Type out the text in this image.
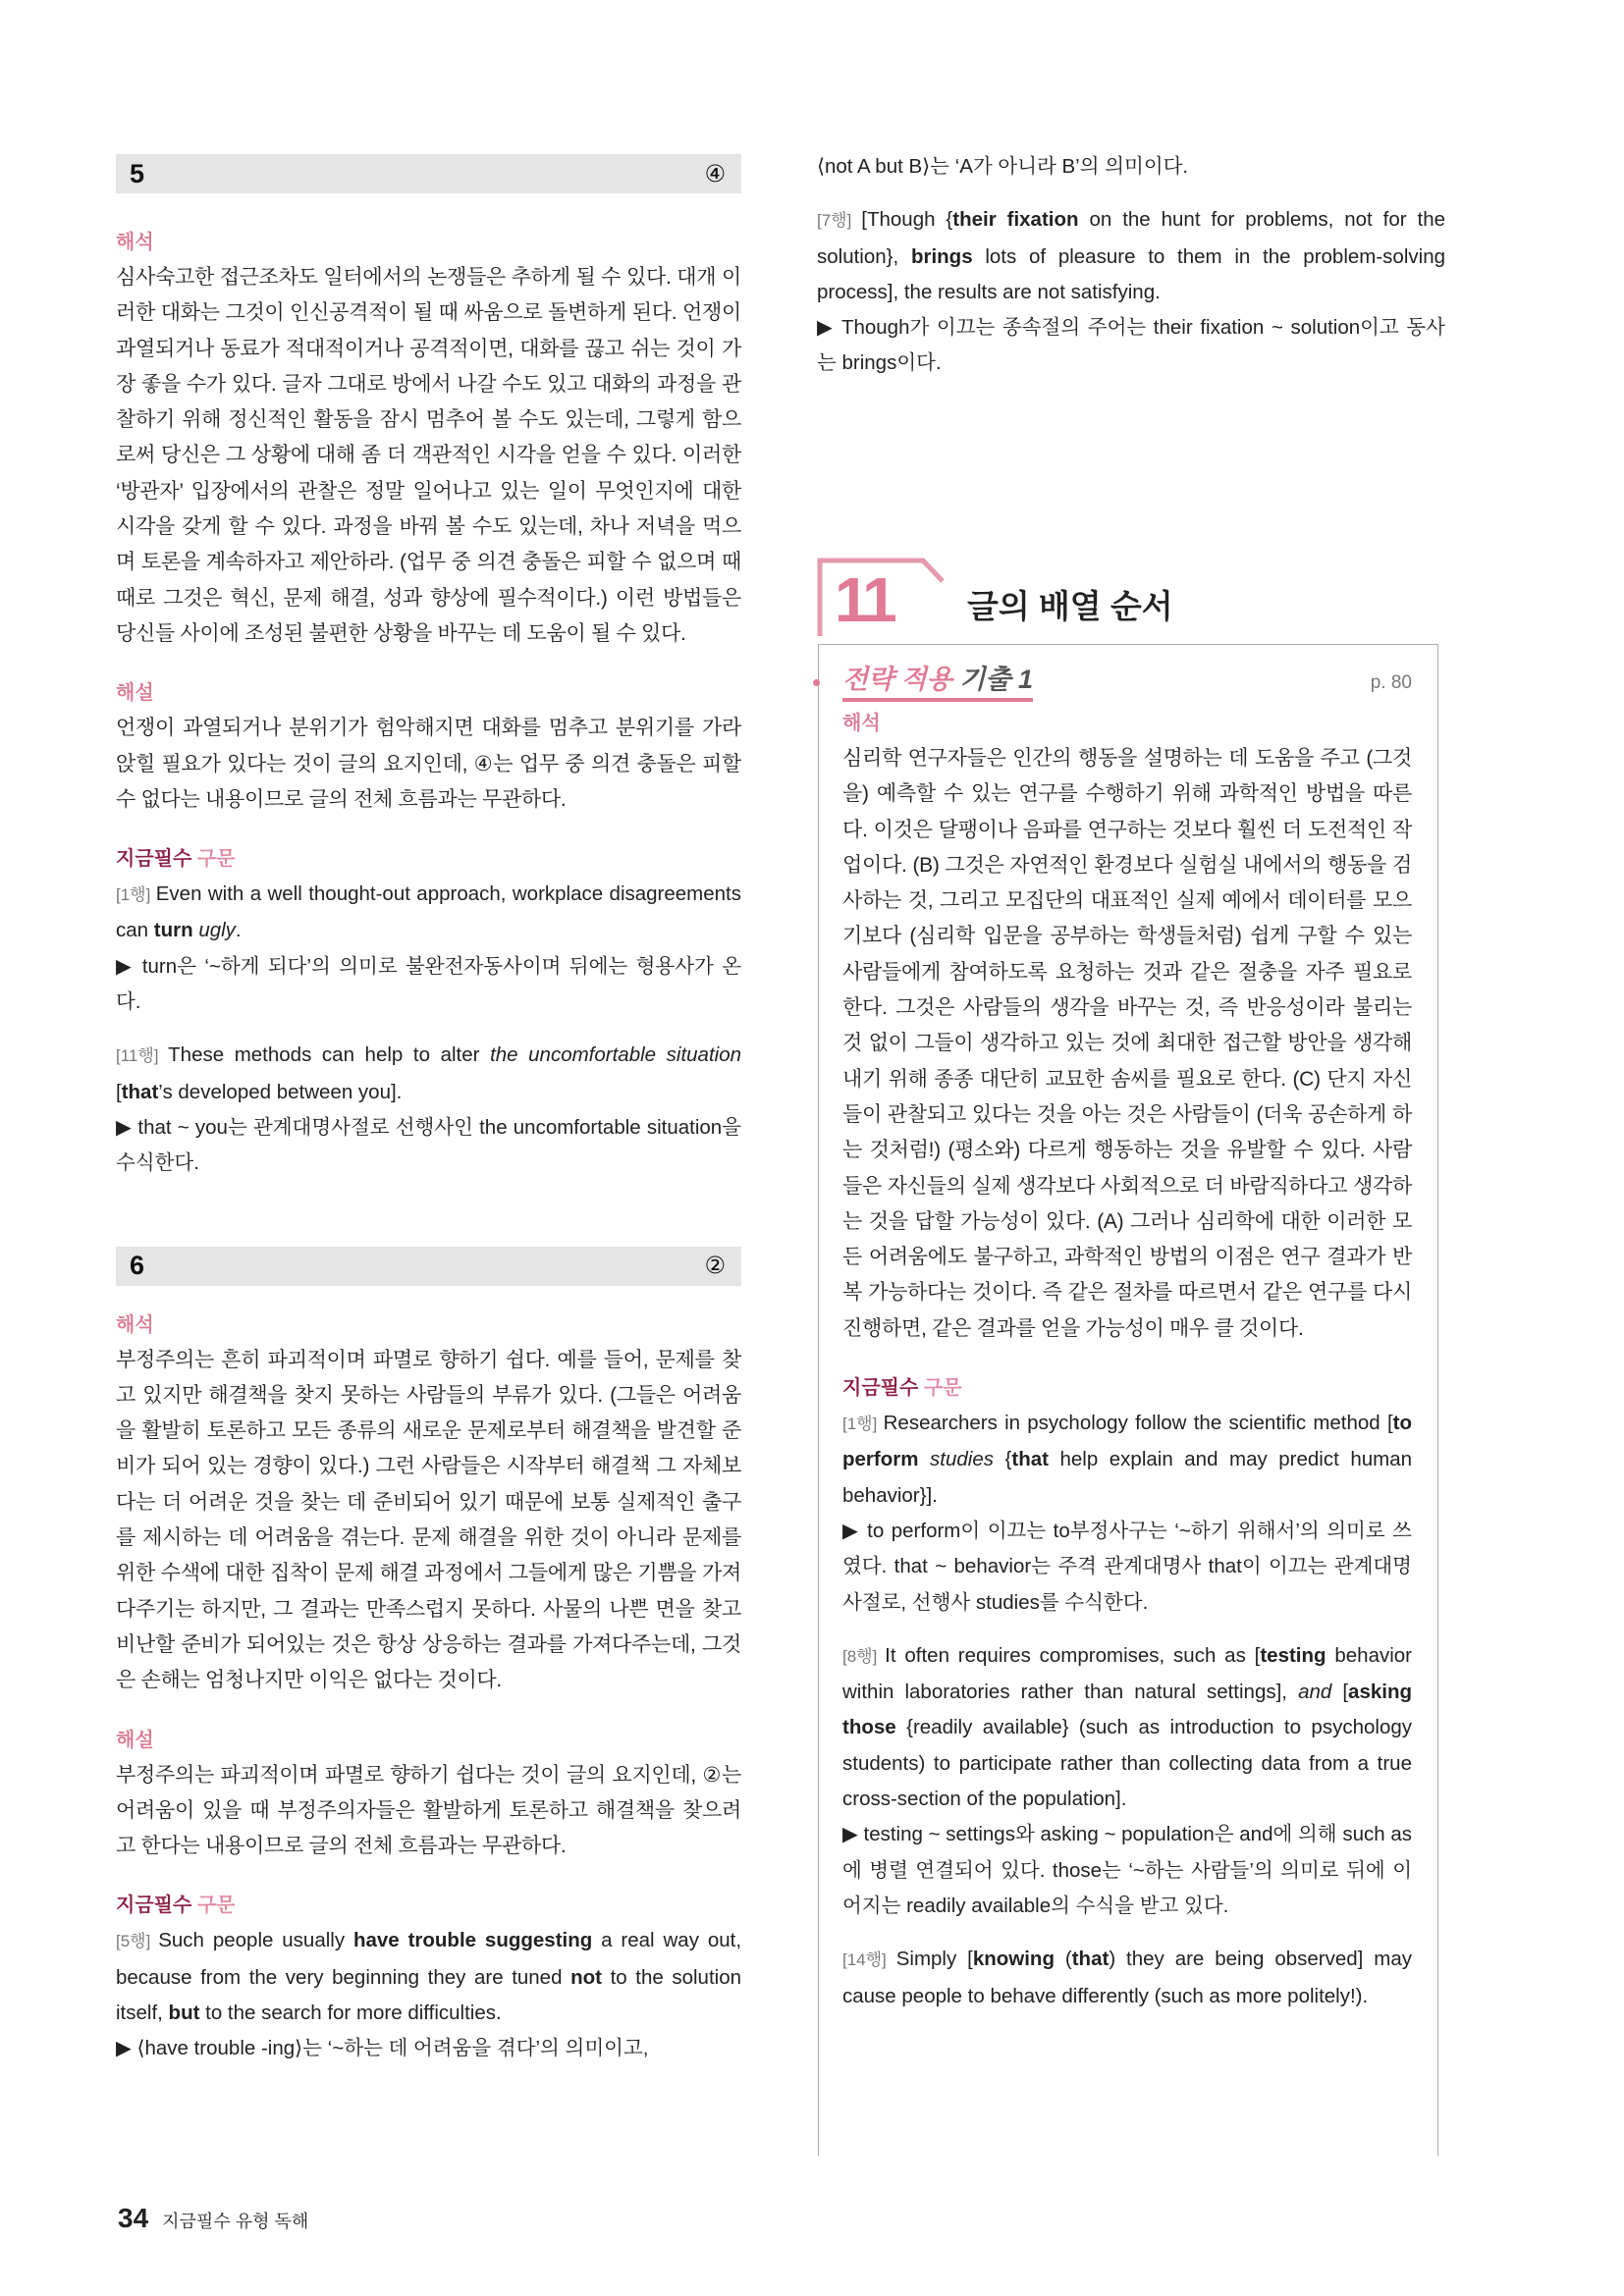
5	④
해석

심사숙고한 접근조차도 일터에서의 논쟁들은 추하게 될 수 있다. 대개 이러한 대화는 그것이 인신공격적이 될 때 싸움으로 돌변하게 된다. 언쟁이 과열되거나 동료가 적대적이거나 공격적이면, 대화를 끊고 쉬는 것이 가장 좋을 수가 있다. 글자 그대로 방에서 나갈 수도 있고 대화의 과정을 관찰하기 위해 정신적인 활동을 잠시 멈추어 볼 수도 있는데, 그렇게 함으로써 당신은 그 상황에 대해 좀 더 객관적인 시각을 얻을 수 있다. 이러한 ‘방관자’ 입장에서의 관찰은 정말 일어나고 있는 일이 무엇인지에 대한 시각을 갖게 할 수 있다. 과정을 바꿔 볼 수도 있는데, 차나 저녁을 먹으며 토론을 계속하자고 제안하라. (업무 중 의견 충돌은 피할 수 없으며 때때로 그것은 혁신, 문제 해결, 성과 향상에 필수적이다.) 이런 방법들은 당신들 사이에 조성된 불편한 상황을 바꾸는 데 도움이 될 수 있다.

해설

언쟁이 과열되거나 분위기가 험악해지면 대화를 멈추고 분위기를 가라앉힐 필요가 있다는 것이 글의 요지인데, ④는 업무 중 의견 충돌은 피할 수 없다는 내용이므로 글의 전체 흐름과는 무관하다.

지금필수 구문

[1행] Even with a well thought-out approach, workplace disagreements can turn ugly.

▶ turn은 ‘~하게 되다’의 의미로 불완전자동사이며 뒤에는 형용사가 온다.

[11행] These methods can help to alter the uncomfortable situation [that’s developed between you].

▶ that ~ you는 관계대명사절로 선행사인 the uncomfortable situation을 수식한다.

6	②
해석

부정주의는 흔히 파괴적이며 파멸로 향하기 쉽다. 예를 들어, 문제를 찾고 있지만 해결책을 찾지 못하는 사람들의 부류가 있다. (그들은 어려움을 활발히 토론하고 모든 종류의 새로운 문제로부터 해결책을 발견할 준비가 되어 있는 경향이 있다.) 그런 사람들은 시작부터 해결책 그 자체보다는 더 어려운 것을 찾는 데 준비되어 있기 때문에 보통 실제적인 출구를 제시하는 데 어려움을 겪는다. 문제 해결을 위한 것이 아니라 문제를 위한 수색에 대한 집착이 문제 해결 과정에서 그들에게 많은 기쁨을 가져다주기는 하지만, 그 결과는 만족스럽지 못하다. 사물의 나쁜 면을 찾고 비난할 준비가 되어있는 것은 항상 상응하는 결과를 가져다주는데, 그것은 손해는 엄청나지만 이익은 없다는 것이다.

해설

부정주의는 파괴적이며 파멸로 향하기 쉽다는 것이 글의 요지인데, ②는 어려움이 있을 때 부정주의자들은 활발하게 토론하고 해결책을 찾으려고 한다는 내용이므로 글의 전체 흐름과는 무관하다.

지금필수 구문

[5행] Such people usually have trouble suggesting a real way out, because from the very beginning they are tuned not to the solution itself, but to the search for more difficulties.

▶ ⟨have trouble -ing⟩는 ‘~하는 데 어려움을 겪다’의 의미이고,

⟨not A but B⟩는 ‘A가 아니라 B’의 의미이다.

[7행] [Though {their fixation on the hunt for problems, not for the solution}, brings lots of pleasure to them in the problem-solving process], the results are not satisfying.

▶ Though가 이끄는 종속절의 주어는 their fixation ~ solution이고 동사는 brings이다.

11 글의 배열 순서
전략 적용 기출 1	p. 80
해석

심리학 연구자들은 인간의 행동을 설명하는 데 도움을 주고 (그것을) 예측할 수 있는 연구를 수행하기 위해 과학적인 방법을 따른다. 이것은 달팽이나 음파를 연구하는 것보다 훨씬 더 도전적인 작업이다. (B) 그것은 자연적인 환경보다 실험실 내에서의 행동을 검사하는 것, 그리고 모집단의 대표적인 실제 예에서 데이터를 모으기보다 (심리학 입문을 공부하는 학생들처럼) 쉽게 구할 수 있는 사람들에게 참여하도록 요청하는 것과 같은 절충을 자주 필요로 한다. 그것은 사람들의 생각을 바꾸는 것, 즉 반응성이라 불리는 것 없이 그들이 생각하고 있는 것에 최대한 접근할 방안을 생각해 내기 위해 종종 대단히 교묘한 솜씨를 필요로 한다. (C) 단지 자신들이 관찰되고 있다는 것을 아는 것은 사람들이 (더욱 공손하게 하는 것처럼!) (평소와) 다르게 행동하는 것을 유발할 수 있다. 사람들은 자신들의 실제 생각보다 사회적으로 더 바람직하다고 생각하는 것을 답할 가능성이 있다. (A) 그러나 심리학에 대한 이러한 모든 어려움에도 불구하고, 과학적인 방법의 이점은 연구 결과가 반복 가능하다는 것이다. 즉 같은 절차를 따르면서 같은 연구를 다시 진행하면, 같은 결과를 얻을 가능성이 매우 클 것이다.

지금필수 구문

[1행] Researchers in psychology follow the scientific method [to perform studies {that help explain and may predict human behavior}].

▶ to perform이 이끄는 to부정사구는 ‘~하기 위해서’의 의미로 쓰였다. that ~ behavior는 주격 관계대명사 that이 이끄는 관계대명사절로, 선행사 studies를 수식한다.

[8행] It often requires compromises, such as [testing behavior within laboratories rather than natural settings], and [asking those {readily available} (such as introduction to psychology students) to participate rather than collecting data from a true cross-section of the population].

▶ testing ~ settings와 asking ~ population은 and에 의해 such as에 병렬 연결되어 있다. those는 ‘~하는 사람들’의 의미로 뒤에 이어지는 readily available의 수식을 받고 있다.

[14행] Simply [knowing (that) they are being observed] may cause people to behave differently (such as more politely!).

34 지금필수 유형 독해
